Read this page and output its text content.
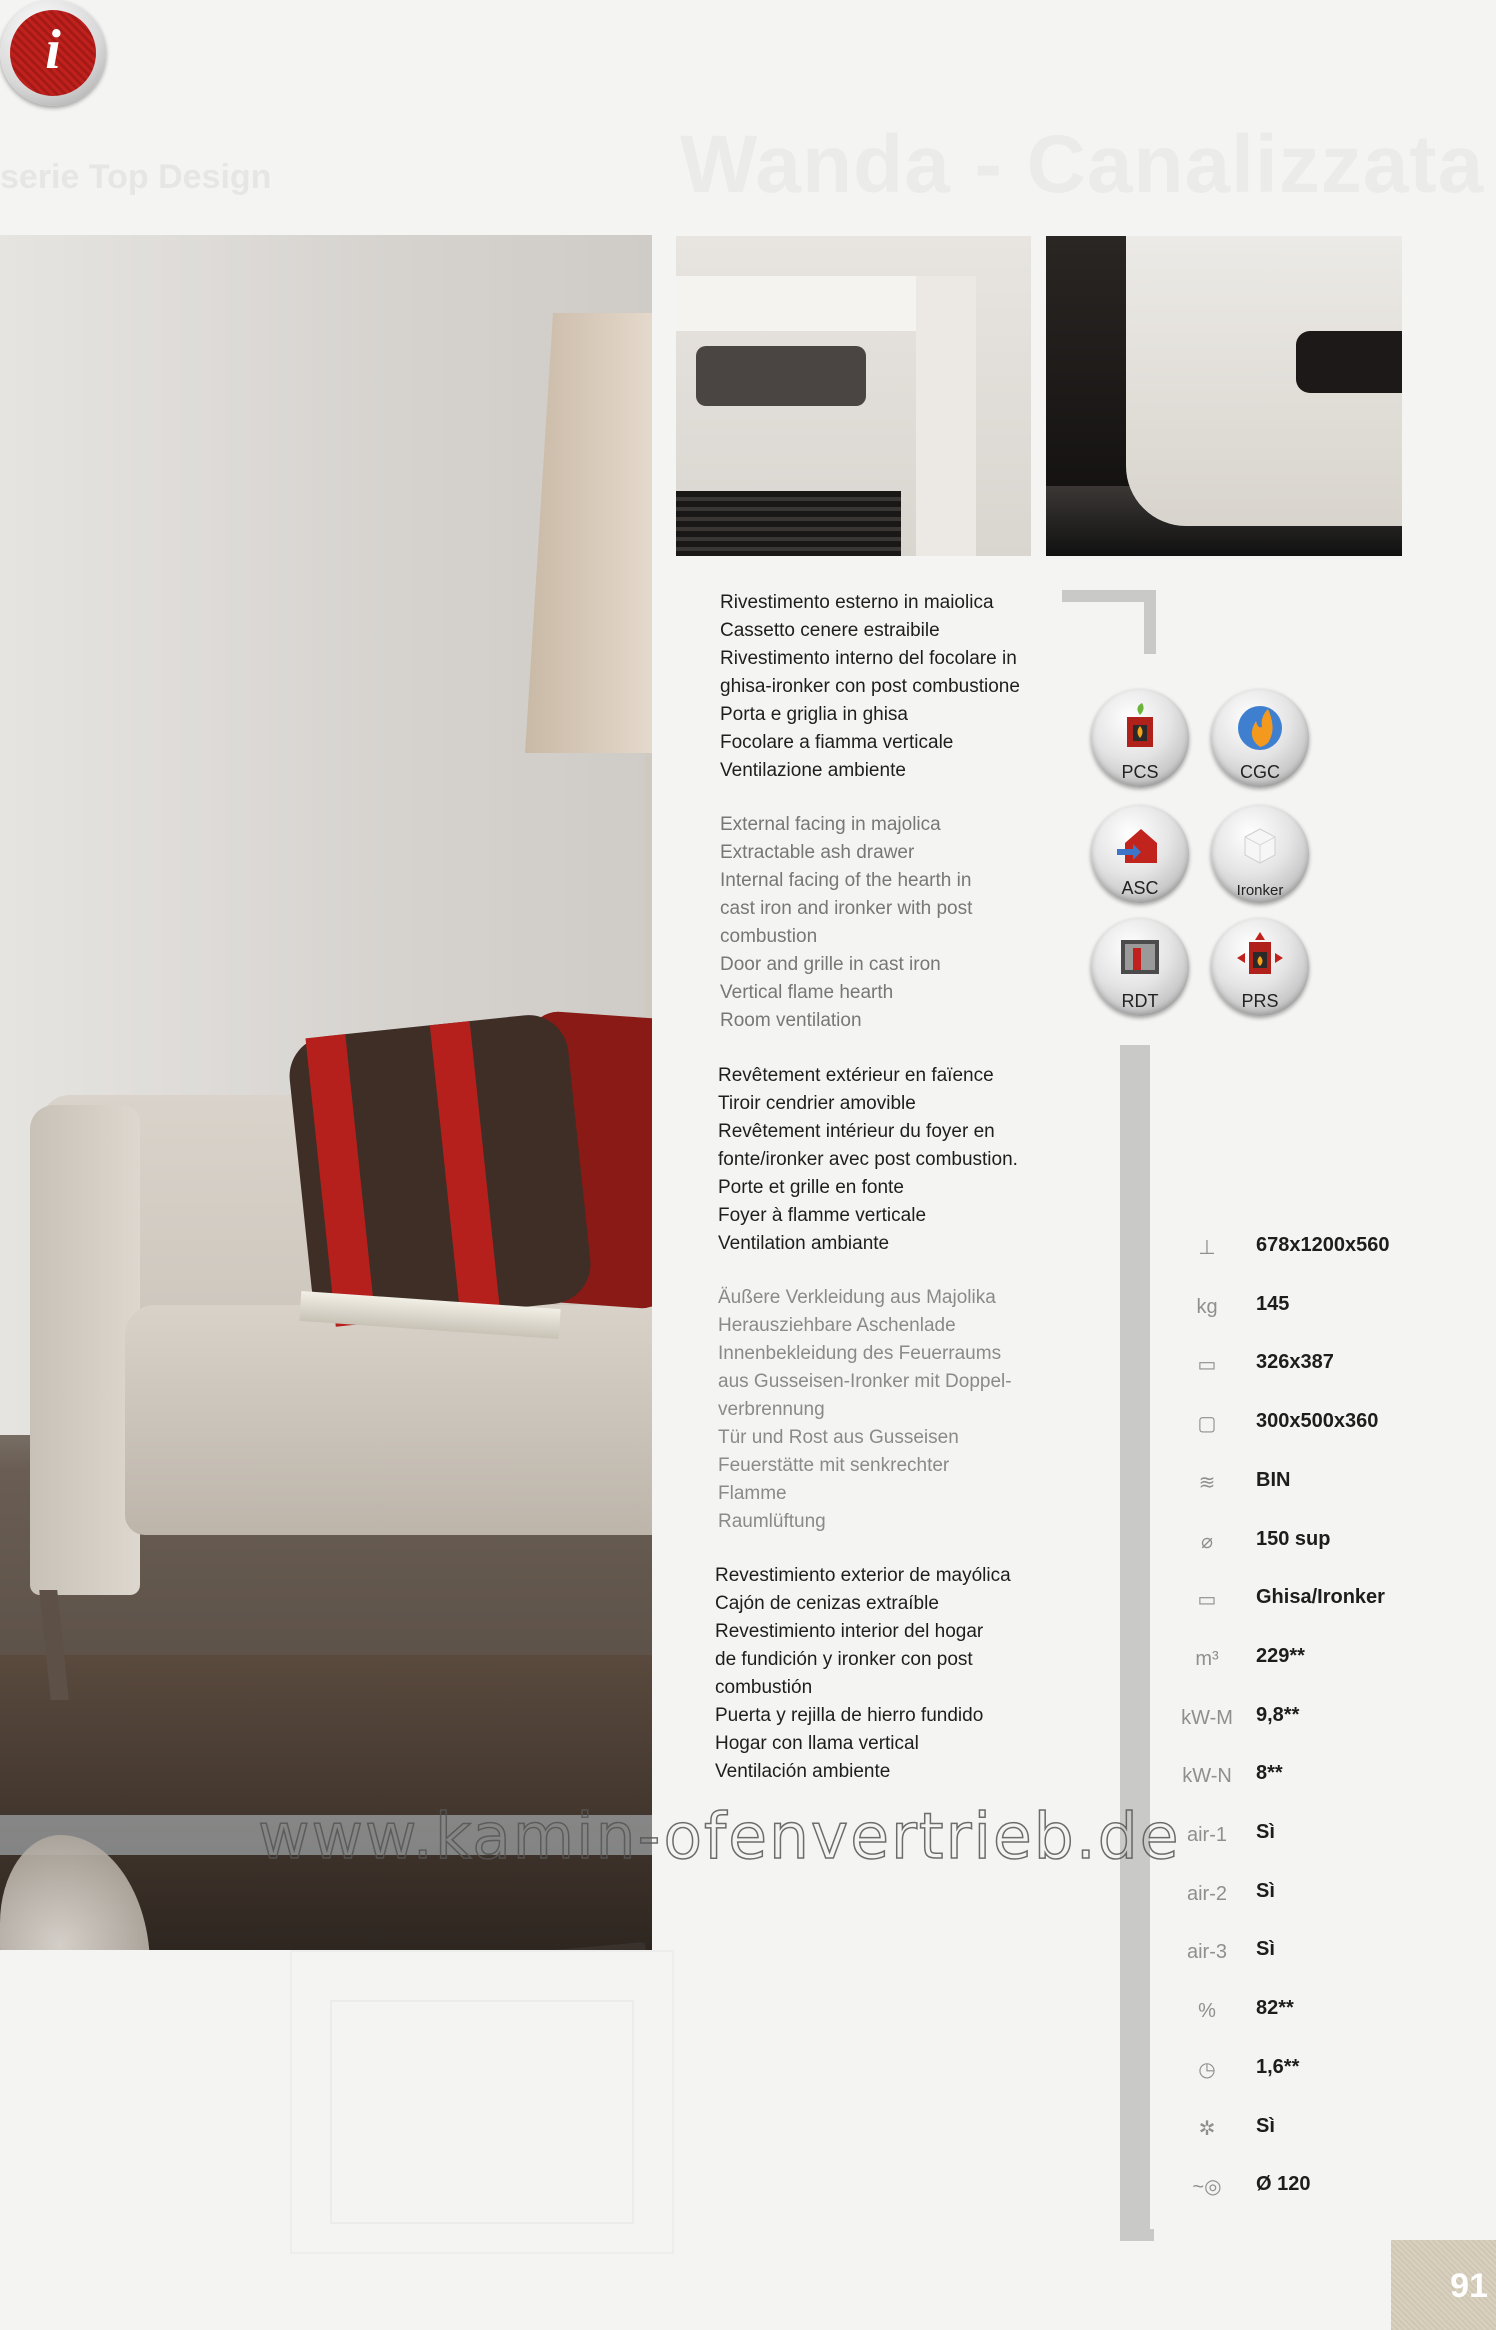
serie Top Design	Wanda - Canalizzata
Rivestimento esterno in maiolica
Cassetto cenere estraibile
Rivestimento interno del focolare in
ghisa-ironker con post combustione
Porta e griglia in ghisa
Focolare a fiamma verticale
Ventilazione ambiente
External facing in majolica
Extractable ash drawer
Internal facing of the hearth in
cast iron and ironker with post
combustion
Door and grille in cast iron
Vertical flame hearth
Room ventilation
Revêtement extérieur en faïence
Tiroir cendrier amovible
Revêtement intérieur du foyer en
fonte/ironker avec post combustion.
Porte et grille en fonte
Foyer à flamme verticale
Ventilation ambiante
Äußere Verkleidung aus Majolika
Herausziehbare Aschenlade
Innenbekleidung des Feuerraums
aus Gusseisen-Ironker mit Doppel-
verbrennung
Tür und Rost aus Gusseisen
Feuerstätte mit senkrechter
Flamme
Raumlüftung
Revestimiento exterior de mayólica
Cajón de cenizas extraíble
Revestimiento interior del hogar
de fundición y ironker con post
combustión
Puerta y rejilla de hierro fundido
Hogar con llama vertical
Ventilación ambiente
PCS	CGC
ASC	Ironker
RDT	PRS
i
⊥	678x1200x560
kg	145
▭	326x387
▢	300x500x360
≋	BIN
⌀	150 sup
▭	Ghisa/Ironker
m³	229**
kW-M	9,8**
kW-N	8**
air-1	Sì
air-2	Sì
air-3	Sì
%	82**
◷	1,6**
✲	Sì
~◎	Ø 120
www.kamin-ofenvertrieb.de
91
